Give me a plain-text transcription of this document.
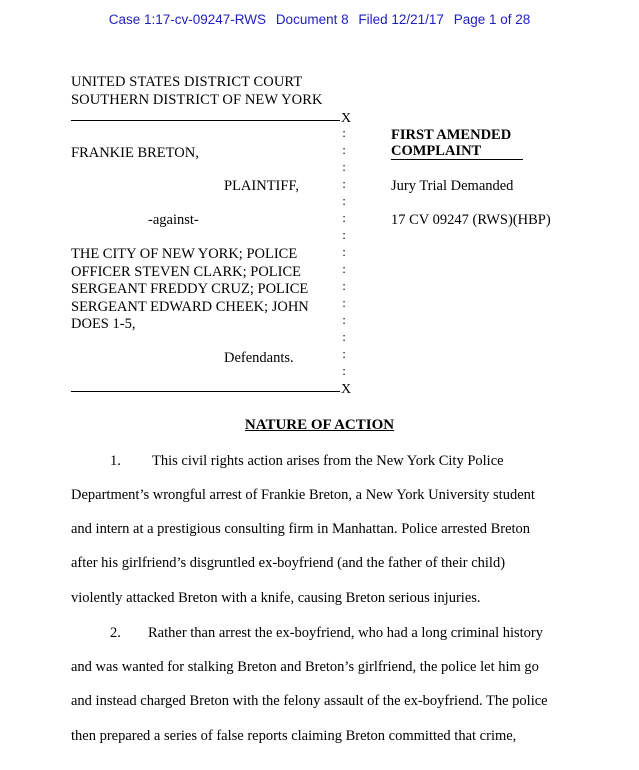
Case 1:17-cv-09247-RWS Document 8 Filed 12/21/17 Page 1 of 28
UNITED STATES DISTRICT COURT
SOUTHERN DISTRICT OF NEW YORK
X
:
:
:
:
:
:
:
:
:
:
:
:
:
:
:
FRANKIE BRETON,
PLAINTIFF,
-against-
THE CITY OF NEW YORK; POLICE
OFFICER STEVEN CLARK; POLICE
SERGEANT FREDDY CRUZ; POLICE
SERGEANT EDWARD CHEEK; JOHN
DOES 1-5,
Defendants.
X
FIRST AMENDED
COMPLAINT
Jury Trial Demanded
17 CV 09247 (RWS)(HBP)
NATURE OF ACTION
1. This civil rights action arises from the New York City Police
Department’s wrongful arrest of Frankie Breton, a New York University student
and intern at a prestigious consulting firm in Manhattan. Police arrested Breton
after his girlfriend’s disgruntled ex-boyfriend (and the father of their child)
violently attacked Breton with a knife, causing Breton serious injuries.
2. Rather than arrest the ex-boyfriend, who had a long criminal history
and was wanted for stalking Breton and Breton’s girlfriend, the police let him go
and instead charged Breton with the felony assault of the ex-boyfriend. The police
then prepared a series of false reports claiming Breton committed that crime,
